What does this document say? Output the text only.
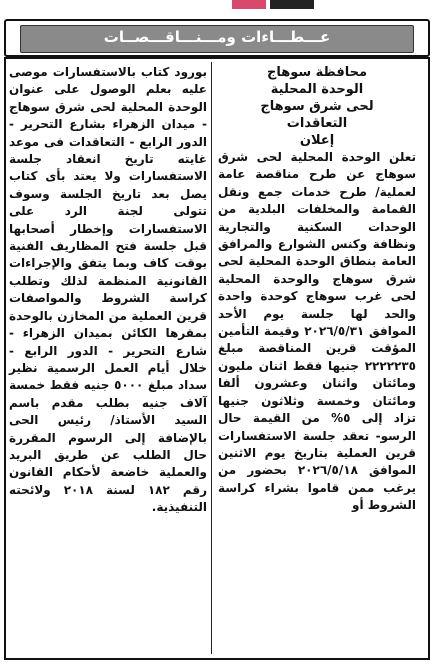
عـــطـــاءات ومـــنـــاقـــصــات

محافظة سوهاج

الوحدة المحلية

لحى شرق سوهاج

التعاقدات

إعلان

تعلن الوحدة المحلية لحى شرق سوهاج عن طرح مناقصة عامة لعملية/ طرح خدمات جمع ونقل القمامة والمخلفات البلدية من الوحدات السكنية والتجارية ونظافة وكنس الشوارع والمرافق العامة بنطاق الوحدة المحلية لحى شرق سوهاج والوحدة المحلية لحى غرب سوهاج كوحدة واحدة والحد لها جلسة يوم الأحد الموافق ٢٠٢٦/٥/٣١ وقيمة التأمين المؤقت قرين المناقصة مبلغ ٢٢٢٢٢٣٥ جنيها فقط اثنان مليون ومائتان واثنان وعشرون ألفا ومائتان وخمسة وثلاثون جنيها تزاد إلى ٥% من القيمة حال الرسو- تعقد جلسة الاستفسارات قرين العملية بتاريخ يوم الاثنين الموافق ٢٠٢٦/٥/١٨ بحضور من يرغب ممن قاموا بشراء كراسة الشروط أو

بورود كتاب بالاستفسارات موصى عليه بعلم الوصول على عنوان الوحدة المحلية لحى شرق سوهاج - ميدان الزهراء بشارع التحرير - الدور الرابع - التعاقدات فى موعد غايته تاريخ انعقاد جلسة الاستفسارات ولا يعتد بأى كتاب يصل بعد تاريخ الجلسة وسوف تتولى لجنة الرد على الاستفسارات وإخطار أصحابها قبل جلسة فتح المظاريف الفنية بوقت كاف وبما يتفق والإجراءات القانونية المنظمة لذلك وتطلب كراسة الشروط والمواصفات قرين العملية من المخازن بالوحدة بمقرها الكائن بميدان الزهراء - شارع التحرير - الدور الرابع - خلال أيام العمل الرسمية نظير سداد مبلغ ٥٠٠٠ جنيه فقط خمسة آلاف جنيه بطلب مقدم باسم السيد الأستاذ/ رئيس الحى بالإضافة إلى الرسوم المقررة حال الطلب عن طريق البريد والعملية خاضعة لأحكام القانون رقم ١٨٢ لسنة ٢٠١٨ ولائحته التنفيذية.
